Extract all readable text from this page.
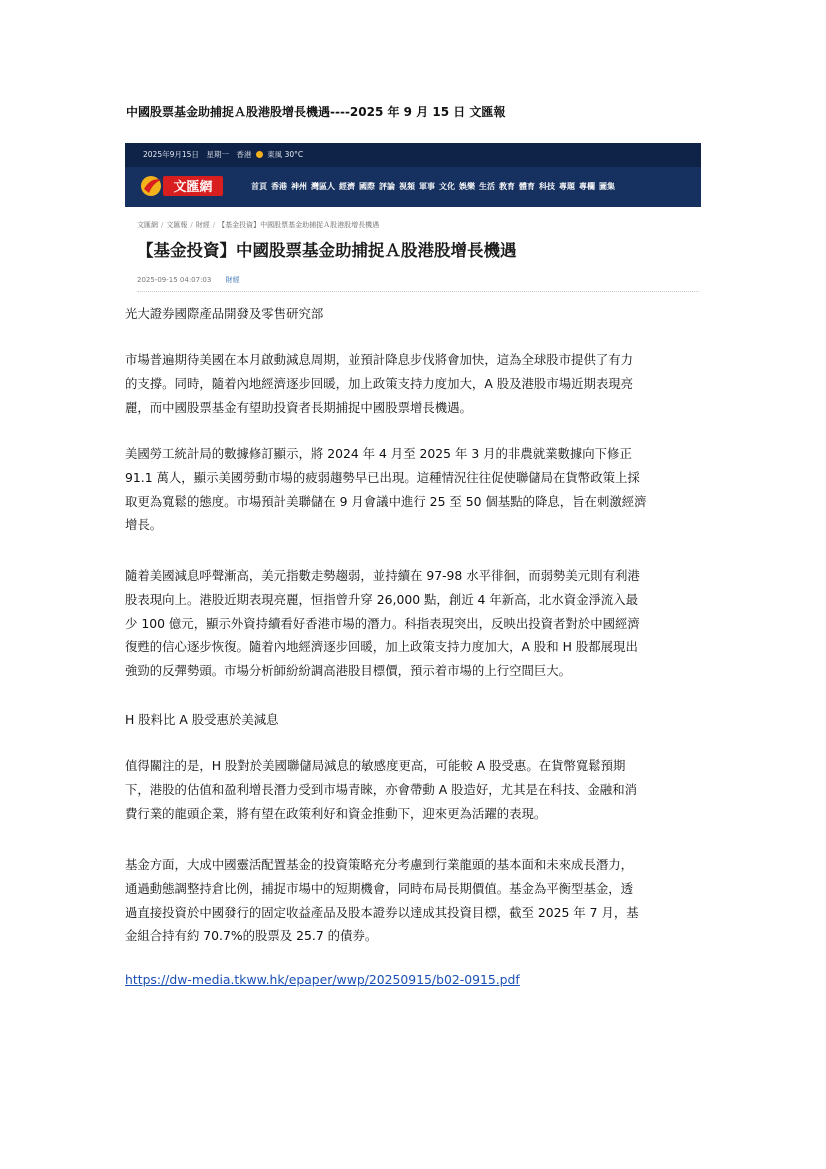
中國股票基金助捕捉Ａ股港股增長機遇----2025 年 9 月 15 日 文匯報
2025年9月15日　星期一　香港 東風 30°C
文匯網	首頁 香港 神州 灣區人 經濟 國際 評論 視頻 軍事 文化 娛樂 生活 教育 體育 科技 專題 專欄 圖集
文匯網 / 文匯報 / 財經 / 【基金投資】中國股票基金助捕捉Ａ股港股增長機遇
【基金投資】中國股票基金助捕捉Ａ股港股增長機遇
2025-09-15 04:07:03 財經

光大證券國際產品開發及零售研究部

市場普遍期待美國在本月啟動減息周期，並預計降息步伐將會加快，這為全球股市提供了有力
的支撐。同時，隨着內地經濟逐步回暖，加上政策支持力度加大，A 股及港股市場近期表現亮
麗，而中國股票基金有望助投資者長期捕捉中國股票增長機遇。

美國勞工統計局的數據修訂顯示，將 2024 年 4 月至 2025 年 3 月的非農就業數據向下修正
91.1 萬人，顯示美國勞動市場的疲弱趨勢早已出現。這種情況往往促使聯儲局在貨幣政策上採
取更為寬鬆的態度。市場預計美聯儲在 9 月會議中進行 25 至 50 個基點的降息，旨在刺激經濟
增長。

隨着美國減息呼聲漸高，美元指數走勢趨弱，並持續在 97-98 水平徘徊，而弱勢美元則有利港
股表現向上。港股近期表現亮麗，恒指曾升穿 26,000 點，創近 4 年新高，北水資金淨流入最
少 100 億元，顯示外資持續看好香港市場的潛力。科指表現突出，反映出投資者對於中國經濟
復甦的信心逐步恢復。隨着內地經濟逐步回暖，加上政策支持力度加大，A 股和 H 股都展現出
強勁的反彈勢頭。市場分析師紛紛調高港股目標價，預示着市場的上行空間巨大。

H 股料比 A 股受惠於美減息

值得關注的是，H 股對於美國聯儲局減息的敏感度更高，可能較 A 股受惠。在貨幣寬鬆預期
下，港股的估值和盈利增長潛力受到市場青睞，亦會帶動 A 股造好，尤其是在科技、金融和消
費行業的龍頭企業，將有望在政策利好和資金推動下，迎來更為活躍的表現。

基金方面，大成中國靈活配置基金的投資策略充分考慮到行業龍頭的基本面和未來成長潛力，
通過動態調整持倉比例，捕捉市場中的短期機會，同時布局長期價值。基金為平衡型基金，透
過直接投資於中國發行的固定收益產品及股本證券以達成其投資目標，截至 2025 年 7 月，基
金組合持有約 70.7%的股票及 25.7 的債券。

https://dw-media.tkww.hk/epaper/wwp/20250915/b02-0915.pdf
